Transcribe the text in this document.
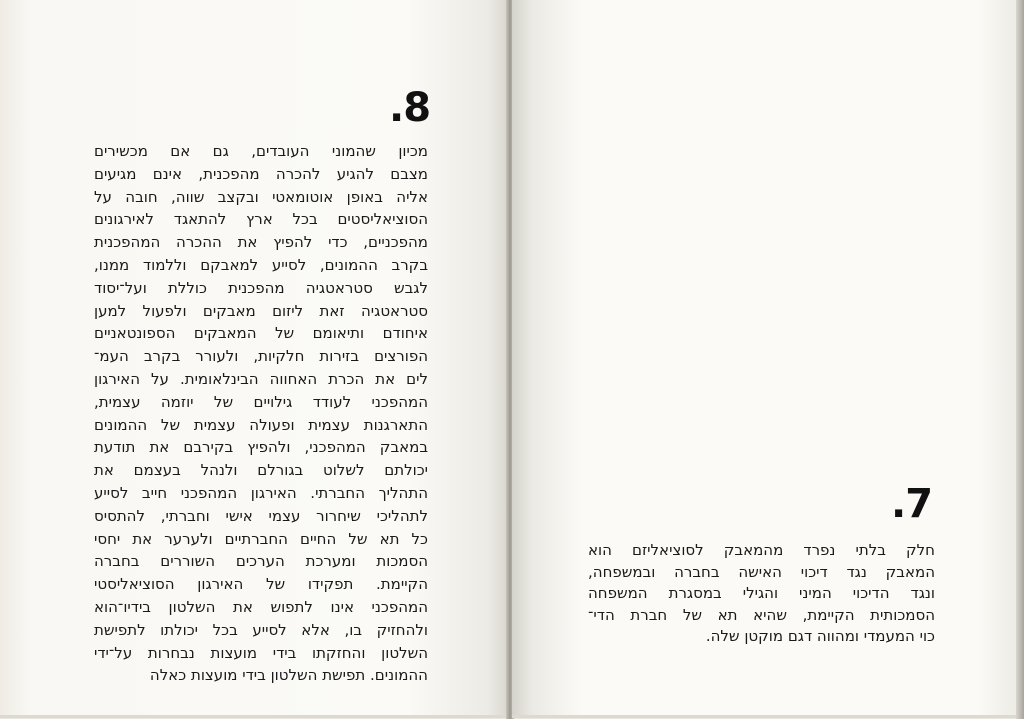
.8
מכיון שהמוני העובדים, גם אם מכשירים
מצבם להגיע להכרה מהפכנית, אינם מגיעים
אליה באופן אוטומאטי ובקצב שווה, חובה על
הסוציאליסטים בכל ארץ להתאגד לאירגונים
מהפכניים, כדי להפיץ את ההכרה המהפכנית
בקרב ההמונים, לסייע למאבקם וללמוד ממנו,
לגבש סטראטגיה מהפכנית כוללת ועל־יסוד
סטראטגיה זאת ליזום מאבקים ולפעול למען
איחודם ותיאומם של המאבקים הספונטאניים
הפורצים בזירות חלקיות, ולעורר בקרב העמ־
לים את הכרת האחווה הבינלאומית. על האירגון
המהפכני לעודד גילויים של יוזמה עצמית,
התארגנות עצמית ופעולה עצמית של ההמונים
במאבק המהפכני, ולהפיץ בקירבם את תודעת
יכולתם לשלוט בגורלם ולנהל בעצמם את
התהליך החברתי. האירגון המהפכני חייב לסייע
לתהליכי שיחרור עצמי אישי וחברתי, להתסיס
כל תא של החיים החברתיים ולערער את יחסי
הסמכות ומערכת הערכים השוררים בחברה
הקיימת. תפקידו של האירגון הסוציאליסטי
המהפכני אינו לתפוש את השלטון בידיו־הוא
ולהחזיק בו, אלא לסייע בכל יכולתו לתפישת
השלטון והחזקתו בידי מועצות נבחרות על־ידי
ההמונים. תפישת השלטון בידי מועצות כאלה
.7
חלק בלתי נפרד מהמאבק לסוציאליזם הוא
המאבק נגד דיכוי האישה בחברה ובמשפחה,
ונגד הדיכוי המיני והגילי במסגרת המשפחה
הסמכותית הקיימת, שהיא תא של חברת הדי־
כוי המעמדי ומהווה דגם מוקטן שלה.
